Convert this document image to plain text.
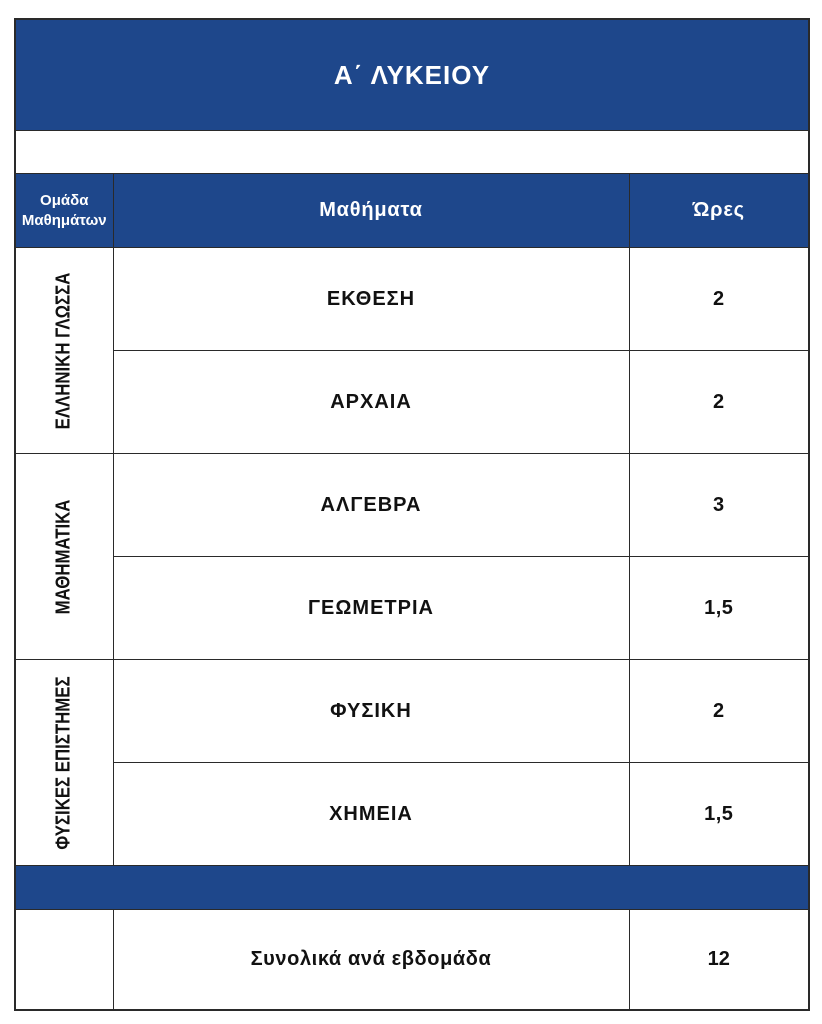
Α΄ ΛΥΚΕΙΟΥ		

Ομάδα
Μαθημάτων	Μαθήματα	Ώρες

ΕΛΛΗΝΙΚΗ ΓΛΩΣΣΑ	ΕΚΘΕΣΗ	2
	ΑΡΧΑΙΑ	2

ΜΑΘΗΜΑΤΙΚΑ	ΑΛΓΕΒΡΑ	3
	ΓΕΩΜΕΤΡΙΑ	1,5

ΦΥΣΙΚΕΣ ΕΠΙΣΤΗΜΕΣ	ΦΥΣΙΚΗ	2
	ΧΗΜΕΙΑ	1,5

	Συνολικά ανά εβδομάδα	12
